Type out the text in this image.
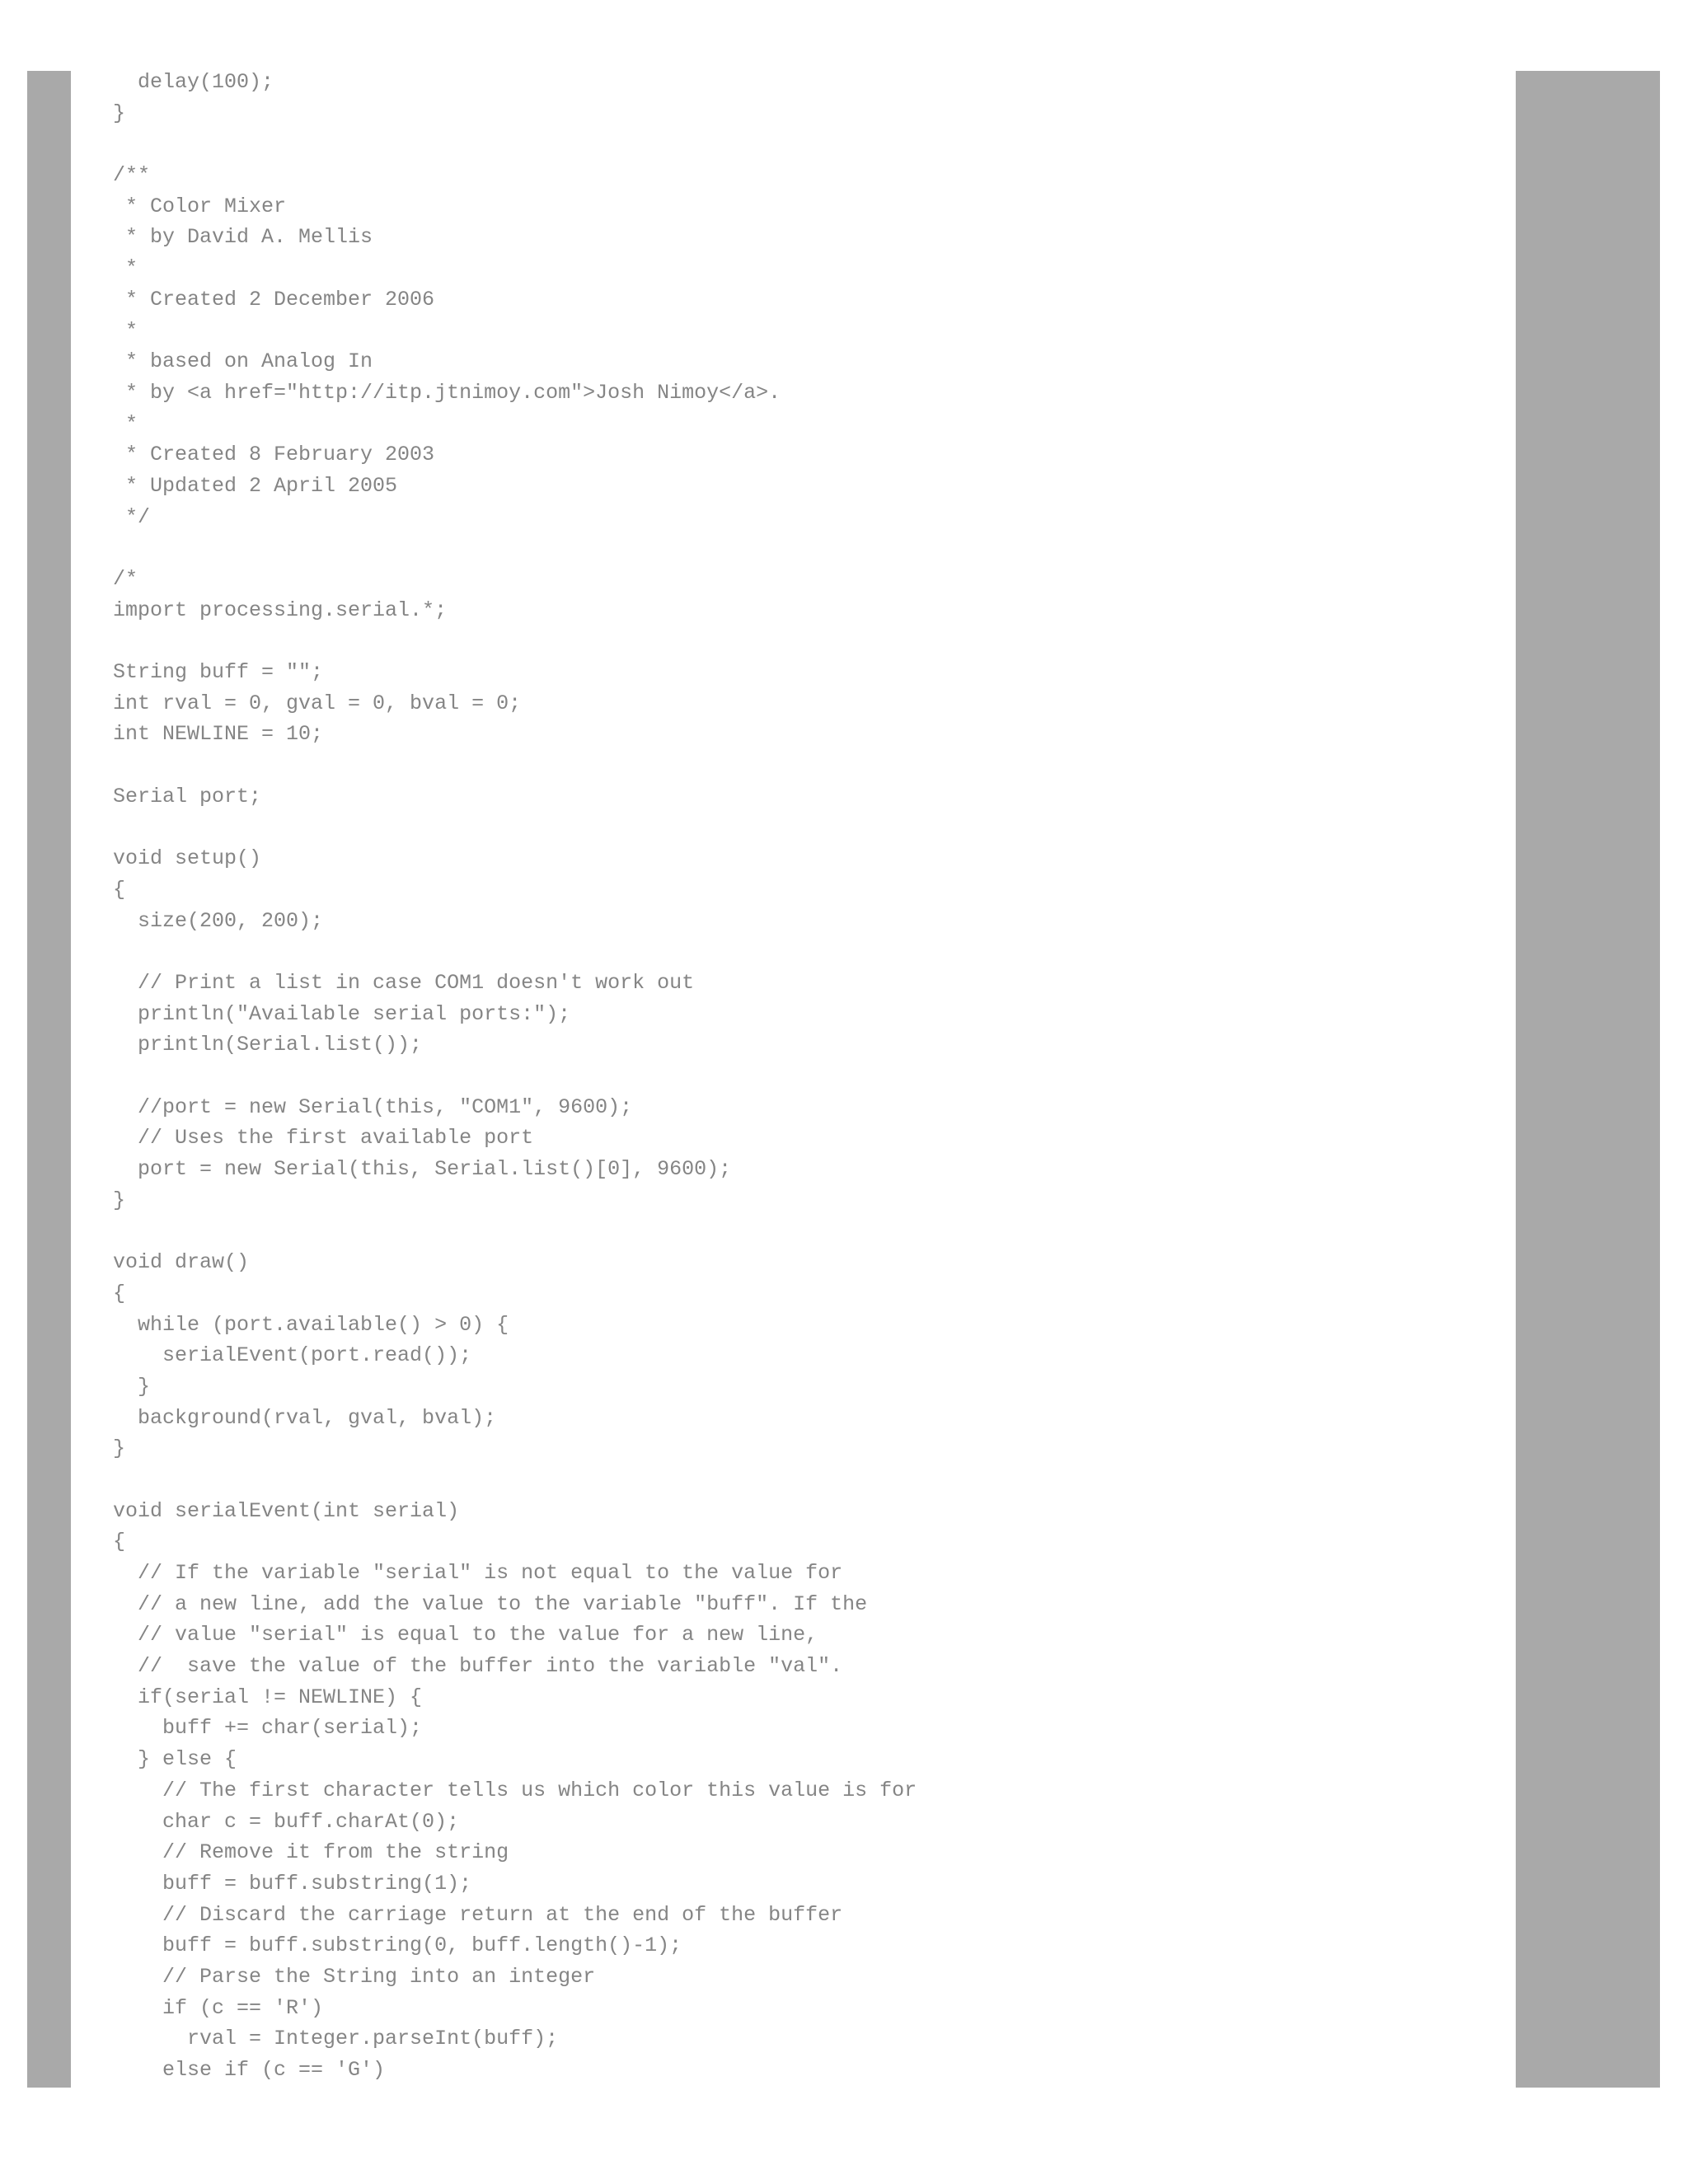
delay(100);
}
/**
* Color Mixer
* by David A. Mellis
*
* Created 2 December 2006
*
* based on Analog In
* by <a href="http://itp.jtnimoy.com">Josh Nimoy</a>.
*
* Created 8 February 2003
* Updated 2 April 2005
*/
/*
import processing.serial.*;
String buff = "";
int rval = 0, gval = 0, bval = 0;
int NEWLINE = 10;
Serial port;
void setup()
{
size(200, 200);
// Print a list in case COM1 doesn't work out
println("Available serial ports:");
println(Serial.list());
//port = new Serial(this, "COM1", 9600);
// Uses the first available port
port = new Serial(this, Serial.list()[0], 9600);
}
void draw()
{
while (port.available() > 0) {
serialEvent(port.read());
}
background(rval, gval, bval);
}
void serialEvent(int serial)
{
// If the variable "serial" is not equal to the value for
// a new line, add the value to the variable "buff". If the
// value "serial" is equal to the value for a new line,
//  save the value of the buffer into the variable "val".
if(serial != NEWLINE) {
buff += char(serial);
} else {
// The first character tells us which color this value is for
char c = buff.charAt(0);
// Remove it from the string
buff = buff.substring(1);
// Discard the carriage return at the end of the buffer
buff = buff.substring(0, buff.length()-1);
// Parse the String into an integer
if (c == 'R')
rval = Integer.parseInt(buff);
else if (c == 'G')
